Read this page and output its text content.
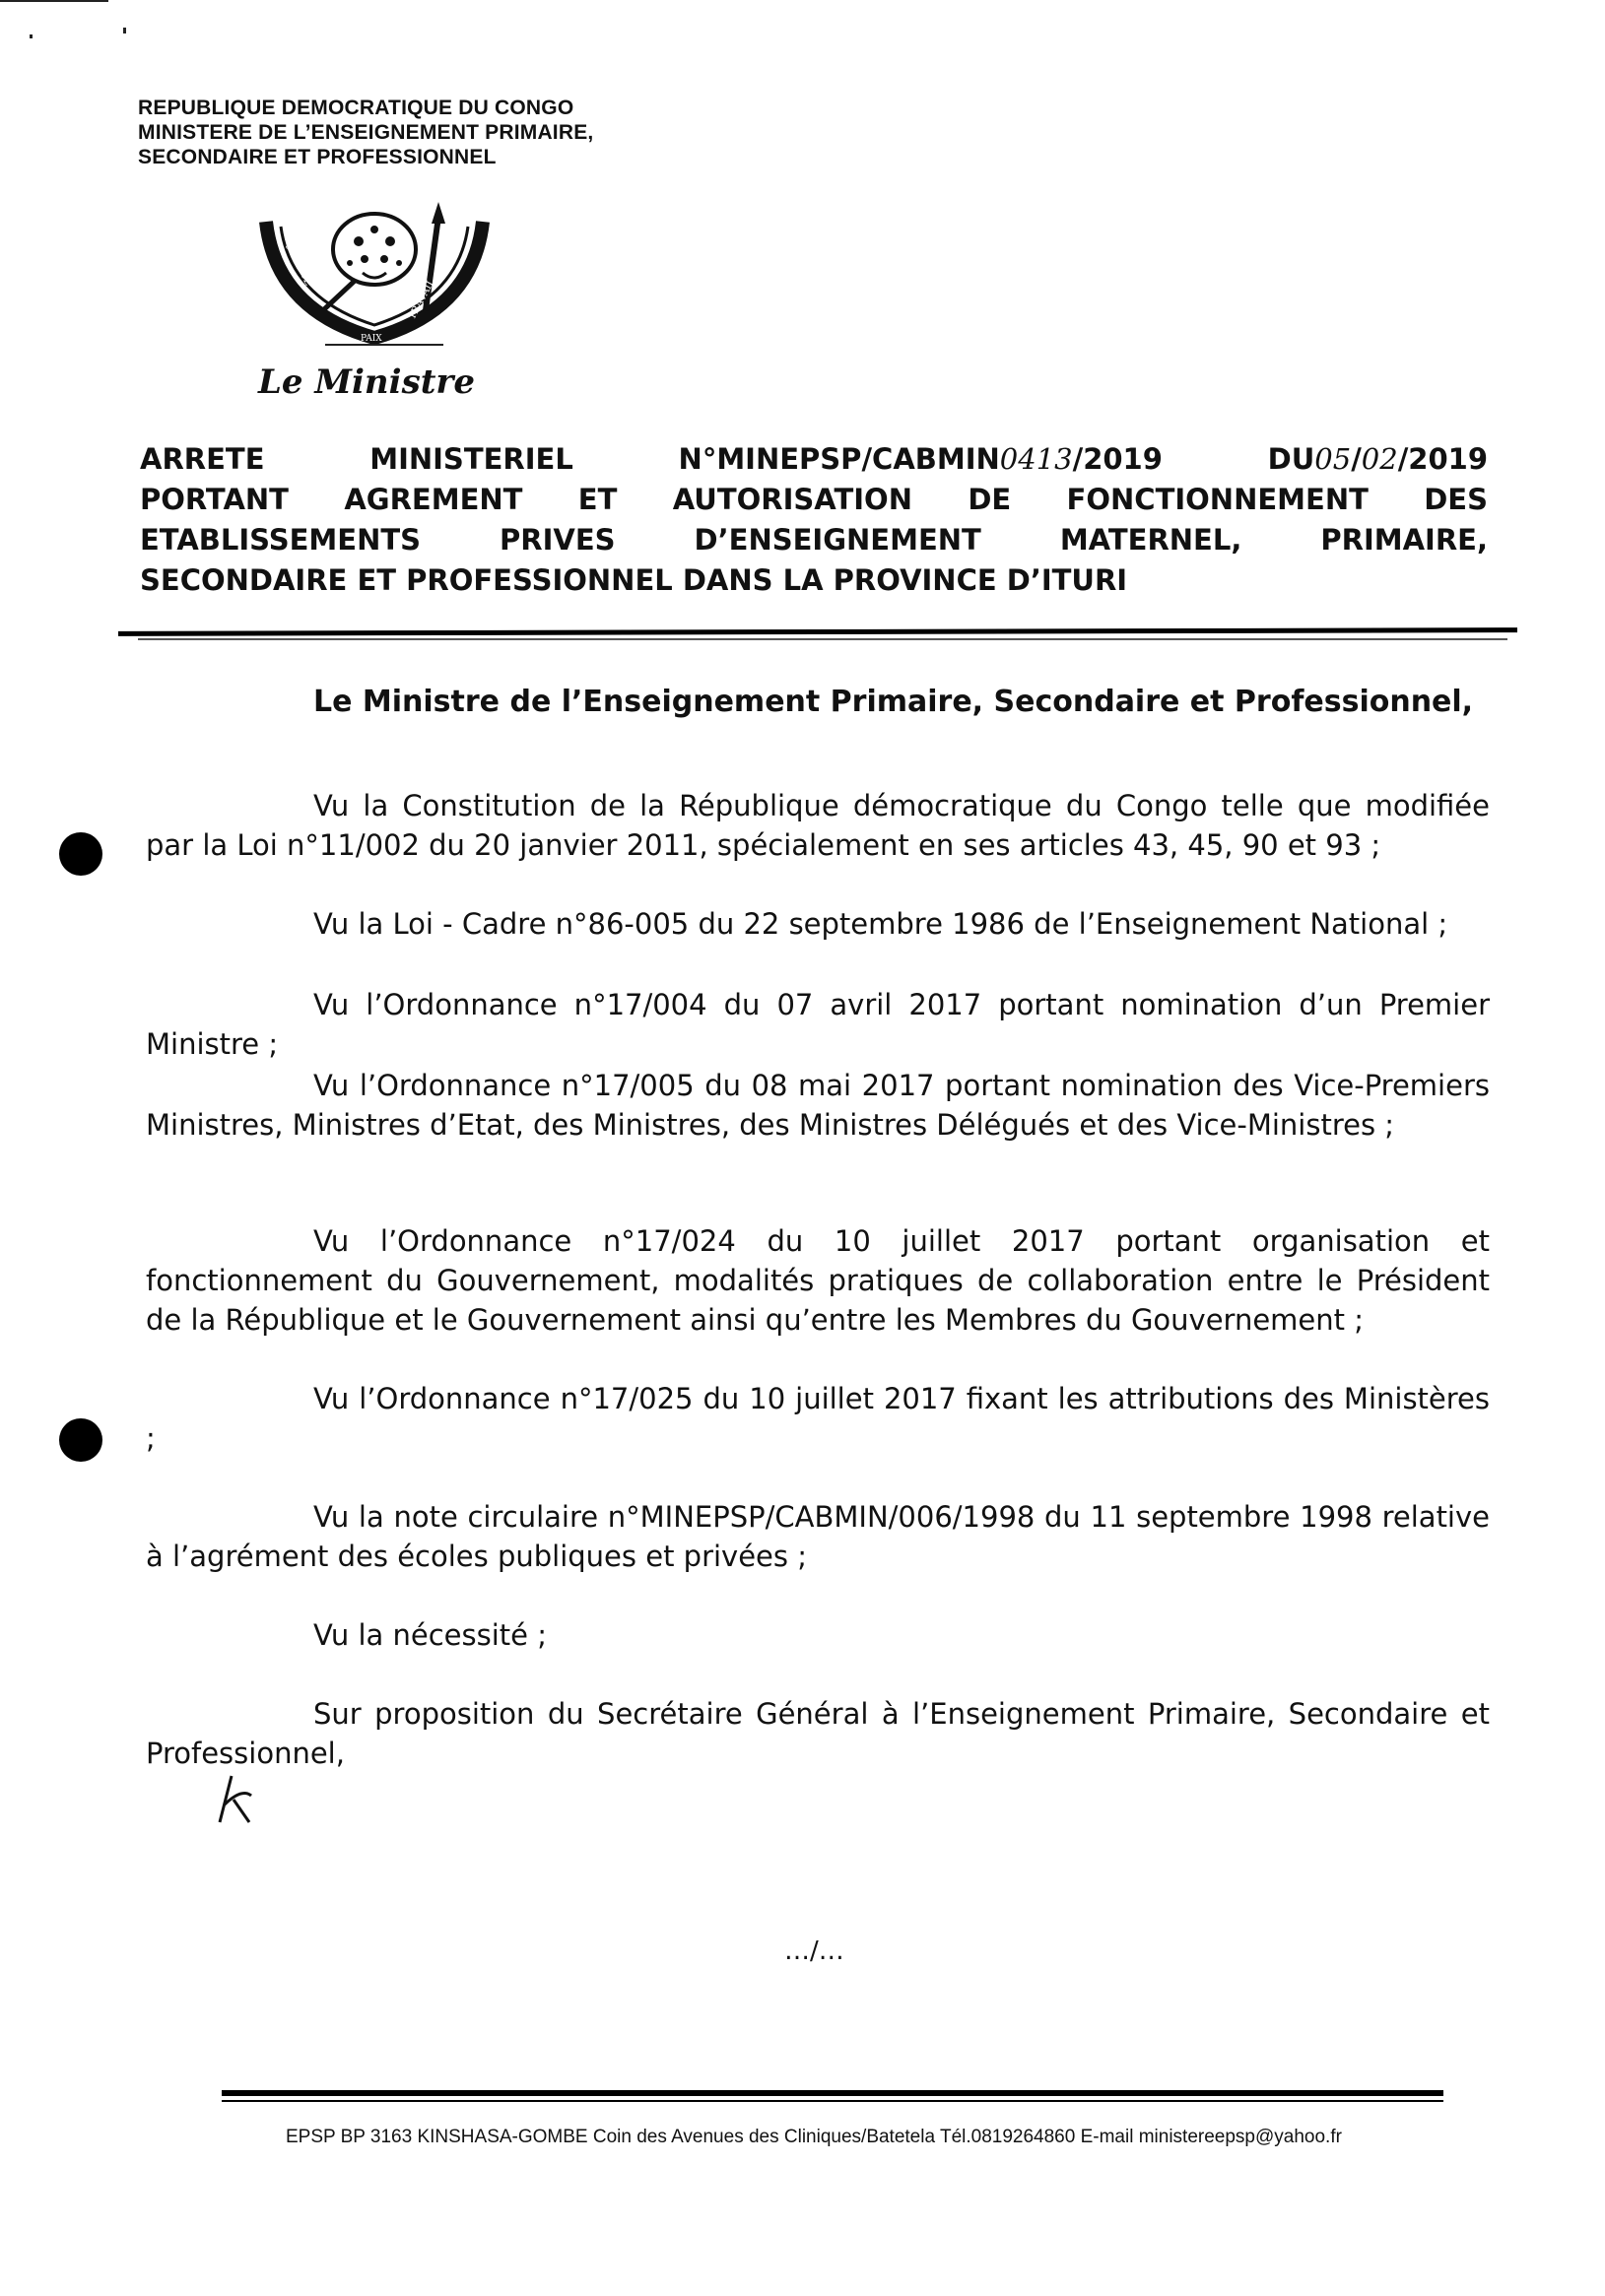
REPUBLIQUE DEMOCRATIQUE DU CONGO
MINISTERE DE L’ENSEIGNEMENT PRIMAIRE,
SECONDAIRE ET PROFESSIONNEL
JUSTICE
PAIX
TRAVAIL
Le Ministre
ARRETE MINISTERIEL N°MINEPSP/CABMIN0413/2019	DU05/02/2019
PORTANT AGREMENT ET AUTORISATION DE FONCTIONNEMENT DES
ETABLISSEMENTS PRIVES D’ENSEIGNEMENT MATERNEL, PRIMAIRE,
SECONDAIRE ET PROFESSIONNEL DANS LA PROVINCE D’ITURI
Le Ministre de l’Enseignement Primaire, Secondaire et Professionnel,
Vu la Constitution de la République démocratique du Congo telle que modifiée par la Loi n°11/002 du 20 janvier 2011, spécialement en ses articles 43, 45, 90 et 93 ;
Vu la Loi - Cadre n°86-005 du 22 septembre 1986 de l’Enseignement National ;
Vu l’Ordonnance n°17/004 du 07 avril 2017 portant nomination d’un Premier Ministre ;
Vu l’Ordonnance n°17/005 du 08 mai 2017 portant nomination des Vice-Premiers Ministres, Ministres d’Etat, des Ministres, des Ministres Délégués et des Vice-Ministres ;
Vu l’Ordonnance n°17/024 du 10 juillet 2017 portant organisation et fonctionnement du Gouvernement, modalités pratiques de collaboration entre le Président de la République et le Gouvernement ainsi qu’entre les Membres du Gouvernement ;
Vu l’Ordonnance n°17/025 du 10 juillet 2017 fixant les attributions des Ministères ;
Vu la note circulaire n°MINEPSP/CABMIN/006/1998 du 11 septembre 1998 relative à l’agrément des écoles publiques et privées ;
Vu la nécessité ;
Sur proposition du Secrétaire Général à l’Enseignement Primaire, Secondaire et Professionnel,
…/…
EPSP BP 3163 KINSHASA-GOMBE Coin des Avenues des Cliniques/Batetela Tél.0819264860 E-mail ministereepsp@yahoo.fr
